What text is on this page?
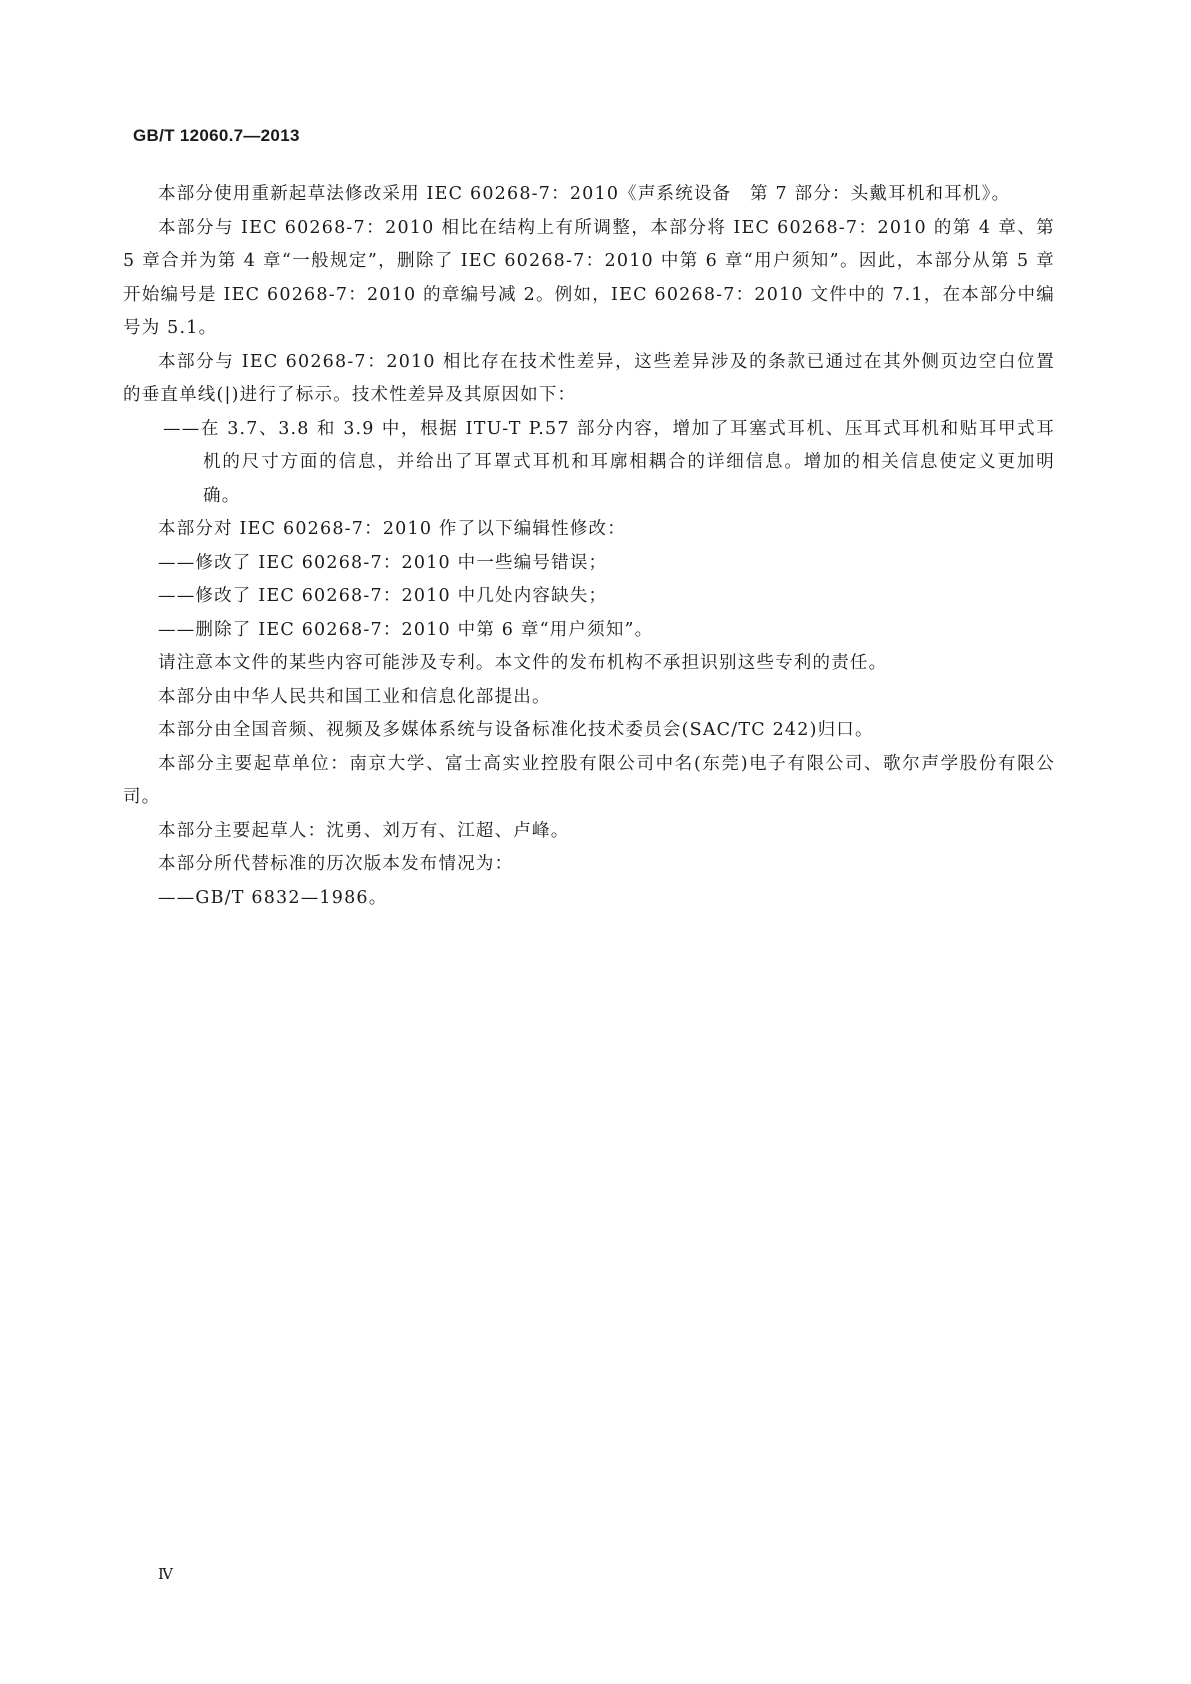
GB/T 12060.7—2013

本部分使用重新起草法修改采用 IEC 60268-7：2010《声系统设备　第 7 部分：头戴耳机和耳机》。

本部分与 IEC 60268-7：2010 相比在结构上有所调整，本部分将 IEC 60268-7：2010 的第 4 章、第 5 章合并为第 4 章“一般规定”，删除了 IEC 60268-7：2010 中第 6 章“用户须知”。因此，本部分从第 5 章开始编号是 IEC 60268-7：2010 的章编号减 2。例如，IEC 60268-7：2010 文件中的 7.1，在本部分中编号为 5.1。

本部分与 IEC 60268-7：2010 相比存在技术性差异，这些差异涉及的条款已通过在其外侧页边空白位置的垂直单线(|)进行了标示。技术性差异及其原因如下：

——在 3.7、3.8 和 3.9 中，根据 ITU-T P.57 部分内容，增加了耳塞式耳机、压耳式耳机和贴耳甲式耳机的尺寸方面的信息，并给出了耳罩式耳机和耳廓相耦合的详细信息。增加的相关信息使定义更加明确。

本部分对 IEC 60268-7：2010 作了以下编辑性修改：

——修改了 IEC 60268-7：2010 中一些编号错误；

——修改了 IEC 60268-7：2010 中几处内容缺失；

——删除了 IEC 60268-7：2010 中第 6 章“用户须知”。

请注意本文件的某些内容可能涉及专利。本文件的发布机构不承担识别这些专利的责任。

本部分由中华人民共和国工业和信息化部提出。

本部分由全国音频、视频及多媒体系统与设备标准化技术委员会(SAC/TC 242)归口。

本部分主要起草单位：南京大学、富士高实业控股有限公司中名(东莞)电子有限公司、歌尔声学股份有限公司。

本部分主要起草人：沈勇、刘万有、江超、卢峰。

本部分所代替标准的历次版本发布情况为：

——GB/T 6832—1986。

Ⅳ
